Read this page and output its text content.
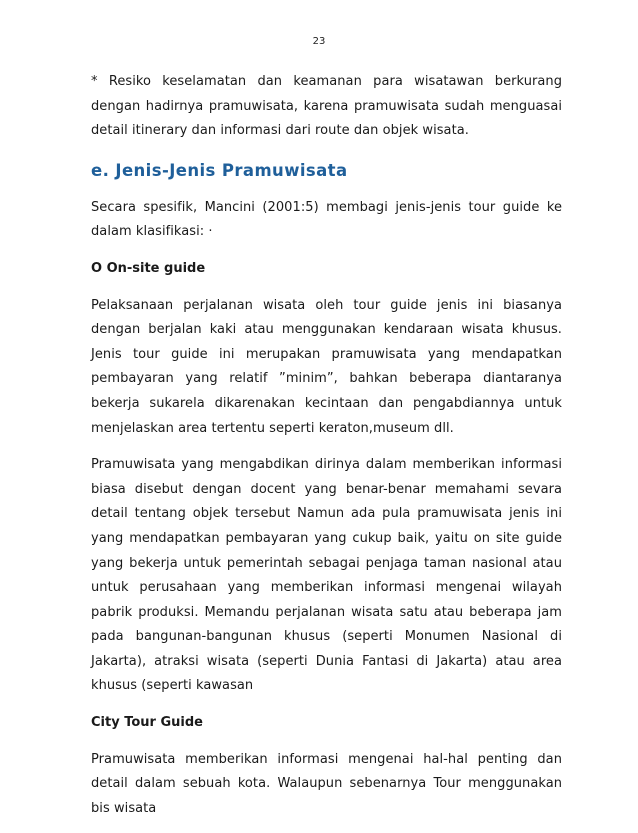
23

* Resiko keselamatan dan keamanan para wisatawan berkurang dengan hadirnya pramuwisata, karena pramuwisata sudah menguasai detail itinerary dan informasi dari route dan objek wisata.

e. Jenis-Jenis Pramuwisata

Secara spesifik, Mancini (2001:5) membagi jenis-jenis tour guide ke dalam klasifikasi: ·

O On-site guide

Pelaksanaan perjalanan wisata oleh tour guide jenis ini biasanya dengan berjalan kaki atau menggunakan kendaraan wisata khusus. Jenis tour guide ini merupakan pramuwisata yang mendapatkan pembayaran yang relatif ”minim”, bahkan beberapa diantaranya bekerja sukarela dikarenakan kecintaan dan pengabdiannya untuk menjelaskan area tertentu seperti keraton,museum dll.

Pramuwisata yang mengabdikan dirinya dalam memberikan informasi biasa disebut dengan docent yang benar-benar memahami sevara detail tentang objek tersebut Namun ada pula pramuwisata jenis ini yang mendapatkan pembayaran yang cukup baik, yaitu on site guide yang bekerja untuk pemerintah sebagai penjaga taman nasional atau untuk perusahaan yang memberikan informasi mengenai wilayah pabrik produksi. Memandu perjalanan wisata satu atau beberapa jam pada bangunan-bangunan khusus (seperti Monumen Nasional di Jakarta), atraksi wisata (seperti Dunia Fantasi di Jakarta) atau area khusus (seperti kawasan

City Tour Guide

Pramuwisata memberikan informasi mengenai hal-hal penting dan detail dalam sebuah kota. Walaupun sebenarnya Tour menggunakan bis wisata
